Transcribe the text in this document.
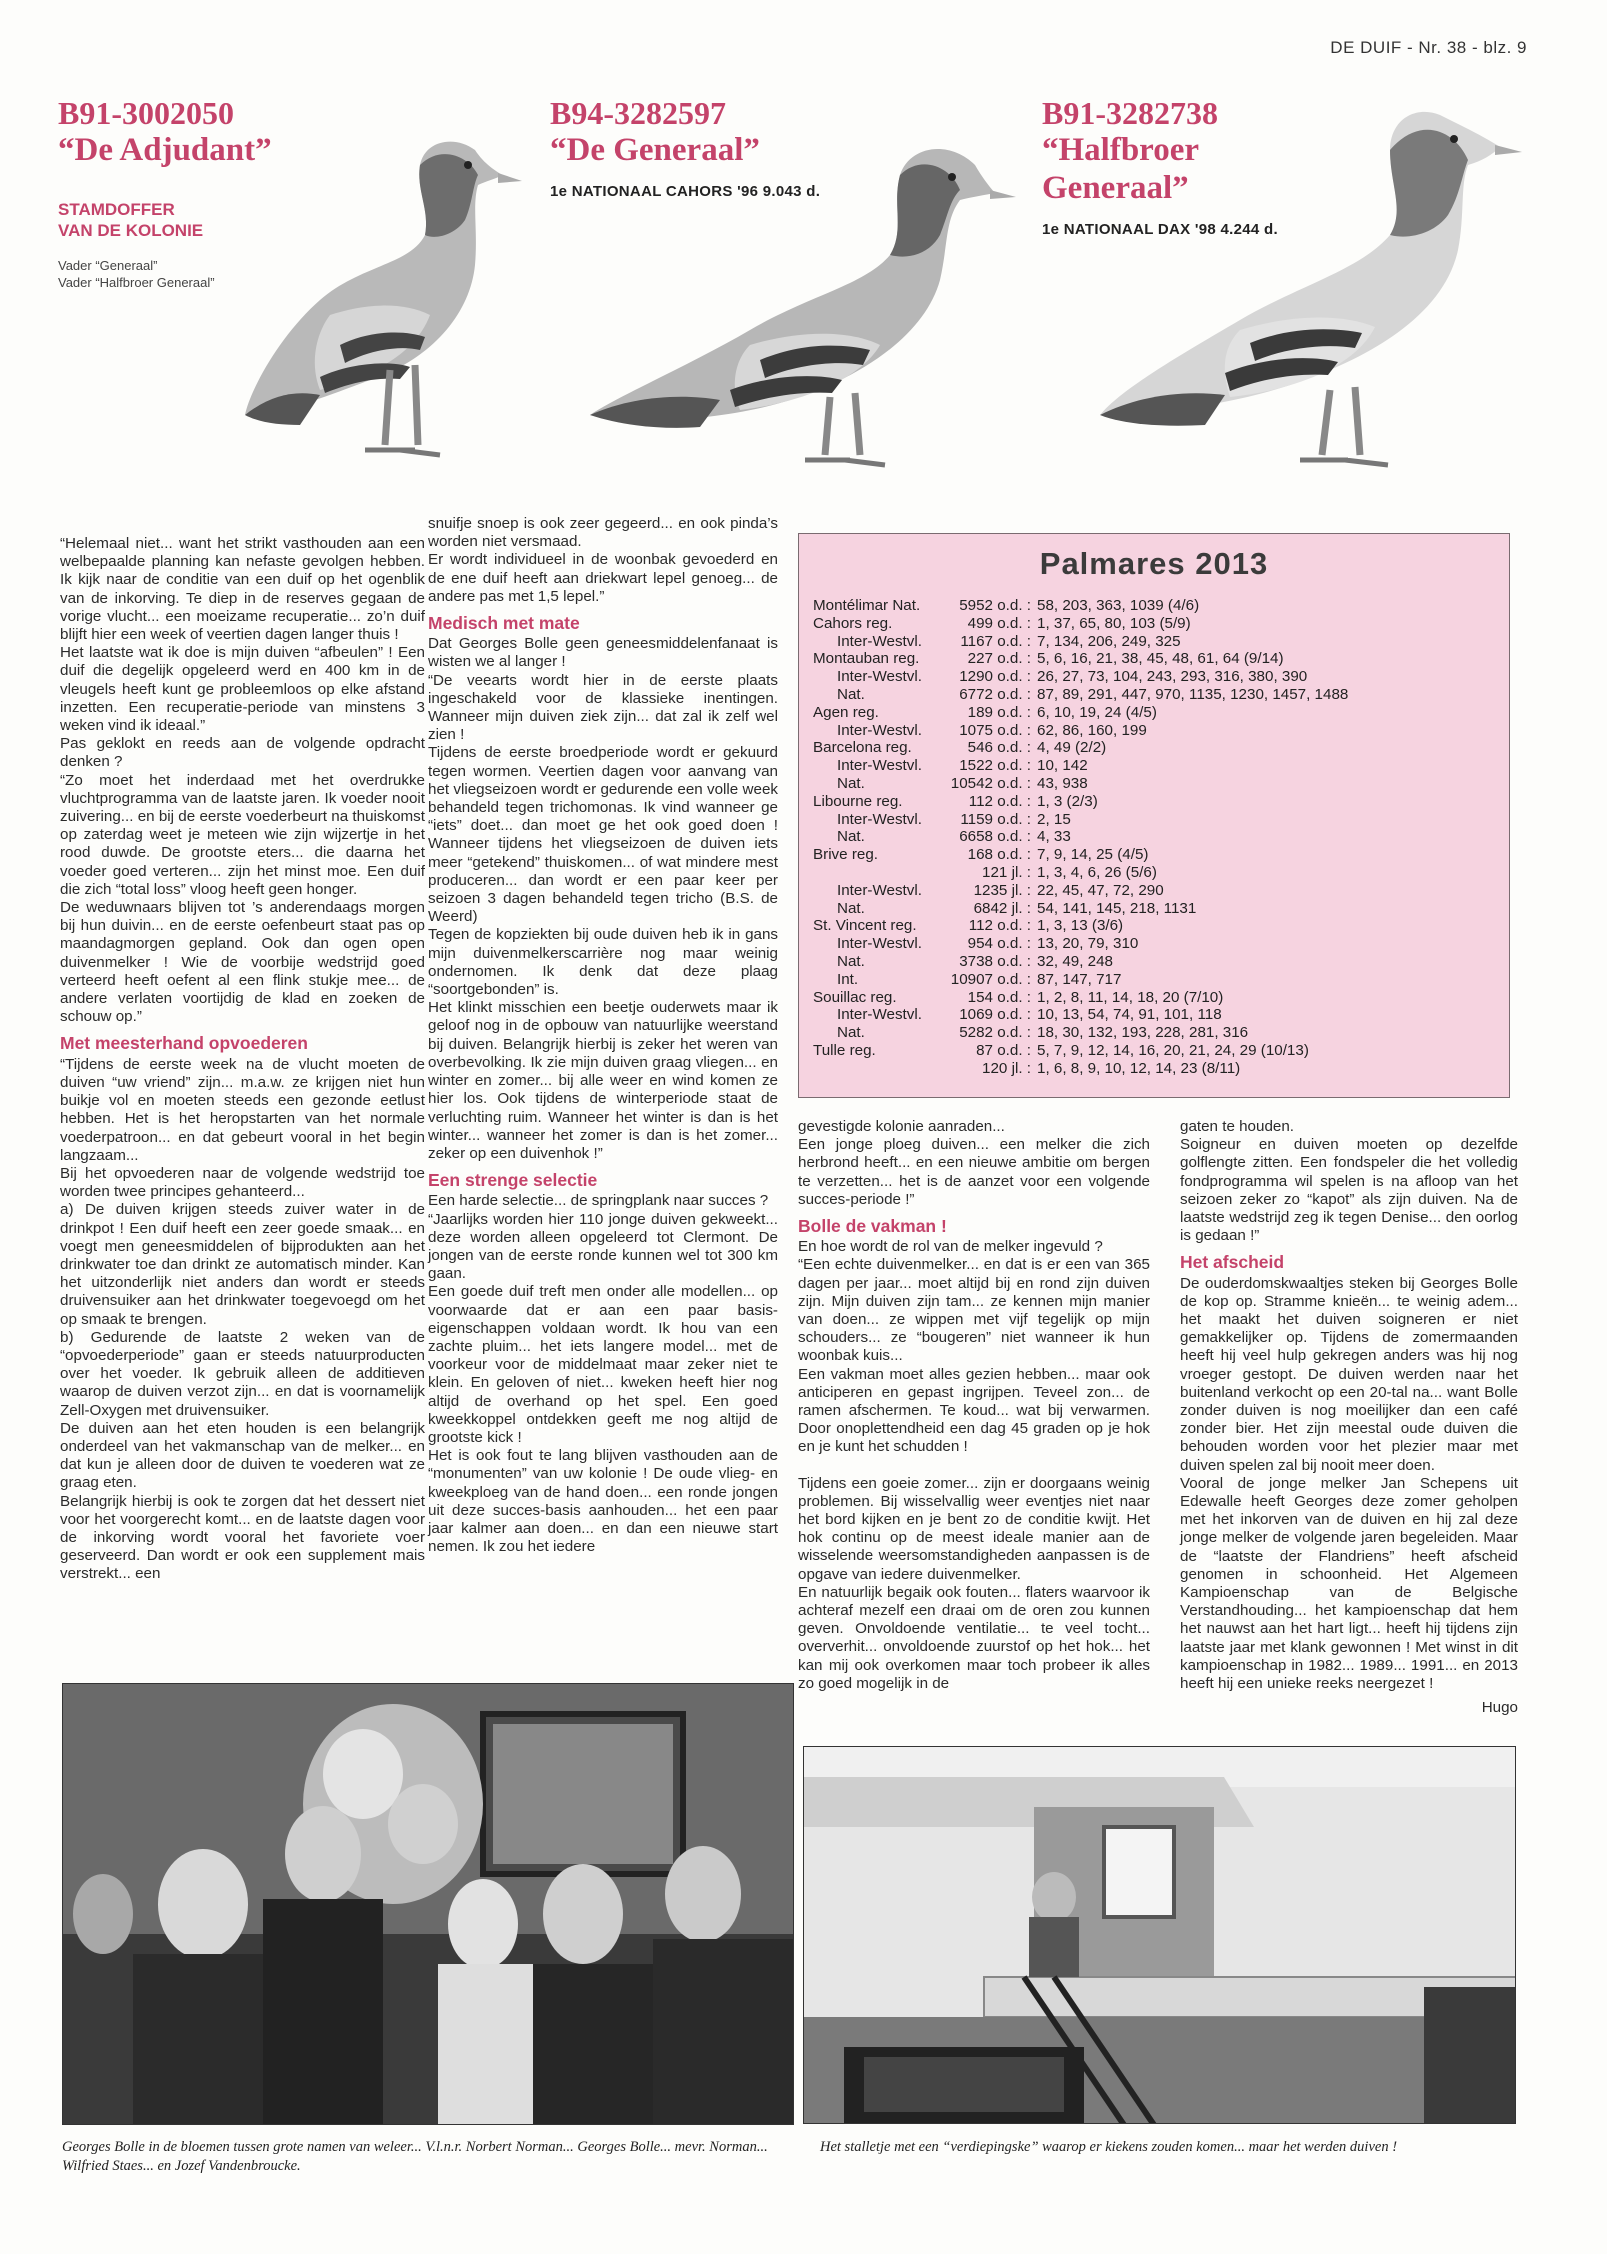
DE DUIF - Nr. 38 - blz. 9
B91-3002050
“De Adjudant”
STAMDOFFER
VAN DE KOLONIE
Vader “Generaal”
Vader “Halfbroer Generaal”
B94-3282597
“De Generaal”
1e NATIONAAL CAHORS '96 9.043 d.
B91-3282738
“Halfbroer
Generaal”
1e NATIONAAL DAX '98 4.244 d.

“Helemaal niet... want het strikt vasthouden aan een welbepaalde planning kan nefaste gevolgen hebben. Ik kijk naar de conditie van een duif op het ogenblik van de inkorving. Te diep in de reserves gegaan de vorige vlucht... een moeizame recuperatie... zo’n duif blijft hier een week of veertien dagen langer thuis !

Het laatste wat ik doe is mijn duiven “afbeulen” ! Een duif die degelijk opgeleerd werd en 400 km in de vleugels heeft kunt ge probleemloos op elke afstand inzetten. Een recuperatie-periode van minstens 3 weken vind ik ideaal.”

Pas geklokt en reeds aan de volgende opdracht denken ?

“Zo moet het inderdaad met het overdrukke vluchtprogramma van de laatste jaren. Ik voeder nooit zuivering... en bij de eerste voederbeurt na thuiskomst op zaterdag weet je meteen wie zijn wijzertje in het rood duwde. De grootste eters... die daarna het voeder goed verteren... zijn het minst moe. Een duif die zich “total loss” vloog heeft geen honger.

De weduwnaars blijven tot ’s anderendaags morgen bij hun duivin... en de eerste oefenbeurt staat pas op maandagmorgen gepland. Ook dan ogen open duivenmelker ! Wie de voorbije wedstrijd goed verteerd heeft oefent al een flink stukje mee... de andere verlaten voortijdig de klad en zoeken de schouw op.”

Met meesterhand opvoederen

“Tijdens de eerste week na de vlucht moeten de duiven “uw vriend” zijn... m.a.w. ze krijgen niet hun buikje vol en moeten steeds een gezonde eetlust hebben. Het is het heropstarten van het normale voederpatroon... en dat gebeurt vooral in het begin langzaam...

Bij het opvoederen naar de volgende wedstrijd toe worden twee principes gehanteerd...

a) De duiven krijgen steeds zuiver water in de drinkpot ! Een duif heeft een zeer goede smaak... en voegt men geneesmiddelen of bijprodukten aan het drinkwater toe dan drinkt ze automatisch minder. Kan het uitzonderlijk niet anders dan wordt er steeds druivensuiker aan het drinkwater toegevoegd om het op smaak te brengen.

b) Gedurende de laatste 2 weken van de “opvoederperiode” gaan er steeds natuurproducten over het voeder. Ik gebruik alleen de additieven waarop de duiven verzot zijn... en dat is voornamelijk Zell-Oxygen met druivensuiker.

De duiven aan het eten houden is een belangrijk onderdeel van het vakmanschap van de melker... en dat kun je alleen door de duiven te voederen wat ze graag eten.

Belangrijk hierbij is ook te zorgen dat het dessert niet voor het voorgerecht komt... en de laatste dagen voor de inkorving wordt vooral het favoriete voer geserveerd. Dan wordt er ook een supplement mais verstrekt... een

snuifje snoep is ook zeer gegeerd... en ook pinda’s worden niet versmaad.

Er wordt individueel in de woonbak gevoederd en de ene duif heeft aan driekwart lepel genoeg... de andere pas met 1,5 lepel.”

Medisch met mate

Dat Georges Bolle geen geneesmiddelenfanaat is wisten we al langer !

“De veearts wordt hier in de eerste plaats ingeschakeld voor de klassieke inentingen. Wanneer mijn duiven ziek zijn... dat zal ik zelf wel zien !

Tijdens de eerste broedperiode wordt er gekuurd tegen wormen. Veertien dagen voor aanvang van het vliegseizoen wordt er gedurende een volle week behandeld tegen trichomonas. Ik vind wanneer ge “iets” doet... dan moet ge het ook goed doen ! Wanneer tijdens het vliegseizoen de duiven iets meer “getekend” thuiskomen... of wat mindere mest produceren... dan wordt er een paar keer per seizoen 3 dagen behandeld tegen tricho (B.S. de Weerd)

Tegen de kopziekten bij oude duiven heb ik in gans mijn duivenmelkerscarrière nog maar weinig ondernomen. Ik denk dat deze plaag “soortgebonden” is.

Het klinkt misschien een beetje ouderwets maar ik geloof nog in de opbouw van natuurlijke weerstand bij duiven. Belangrijk hierbij is zeker het weren van overbevolking. Ik zie mijn duiven graag vliegen... en winter en zomer... bij alle weer en wind komen ze hier los. Ook tijdens de winterperiode staat de verluchting ruim. Wanneer het winter is dan is het winter... wanneer het zomer is dan is het zomer... zeker op een duivenhok !”

Een strenge selectie

Een harde selectie... de springplank naar succes ?

“Jaarlijks worden hier 110 jonge duiven gekweekt... deze worden alleen opgeleerd tot Clermont. De jongen van de eerste ronde kunnen wel tot 300 km gaan.

Een goede duif treft men onder alle modellen... op voorwaarde dat er aan een paar basis-eigenschappen voldaan wordt. Ik hou van een zachte pluim... het iets langere model... met de voorkeur voor de middelmaat maar zeker niet te klein. En geloven of niet... kweken heeft hier nog altijd de overhand op het spel. Een goed kweekkoppel ontdekken geeft me nog altijd de grootste kick !

Het is ook fout te lang blijven vasthouden aan de “monumenten” van uw kolonie ! De oude vlieg- en kweekploeg van de hand doen... een ronde jongen uit deze succes-basis aanhouden... het een paar jaar kalmer aan doen... en dan een nieuwe start nemen. Ik zou het iedere

Palmares 2013
Montélimar Nat.	5952 o.d. :	58, 203, 363, 1039 (4/6)
Cahors reg.	499 o.d. :	1, 37, 65, 80, 103 (5/9)
Inter-Westvl.	1167 o.d. :	7, 134, 206, 249, 325
Montauban reg.	227 o.d. :	5, 6, 16, 21, 38, 45, 48, 61, 64 (9/14)
Inter-Westvl.	1290 o.d. :	26, 27, 73, 104, 243, 293, 316, 380, 390
Nat.	6772 o.d. :	87, 89, 291, 447, 970, 1135, 1230, 1457, 1488
Agen reg.	189 o.d. :	6, 10, 19, 24 (4/5)
Inter-Westvl.	1075 o.d. :	62, 86, 160, 199
Barcelona reg.	546 o.d. :	4, 49 (2/2)
Inter-Westvl.	1522 o.d. :	10, 142
Nat.	10542 o.d. :	43, 938
Libourne reg.	112 o.d. :	1, 3 (2/3)
Inter-Westvl.	1159 o.d. :	2, 15
Nat.	6658 o.d. :	4, 33
Brive reg.	168 o.d. :	7, 9, 14, 25 (4/5)
	121 jl. :	1, 3, 4, 6, 26 (5/6)
Inter-Westvl.	1235 jl. :	22, 45, 47, 72, 290
Nat.	6842 jl. :	54, 141, 145, 218, 1131
St. Vincent reg.	112 o.d. :	1, 3, 13 (3/6)
Inter-Westvl.	954 o.d. :	13, 20, 79, 310
Nat.	3738 o.d. :	32, 49, 248
Int.	10907 o.d. :	87, 147, 717
Souillac reg.	154 o.d. :	1, 2, 8, 11, 14, 18, 20 (7/10)
Inter-Westvl.	1069 o.d. :	10, 13, 54, 74, 91, 101, 118
Nat.	5282 o.d. :	18, 30, 132, 193, 228, 281, 316
Tulle reg.	87 o.d. :	5, 7, 9, 12, 14, 16, 20, 21, 24, 29 (10/13)
	120 jl. :	1, 6, 8, 9, 10, 12, 14, 23 (8/11)

gevestigde kolonie aanraden...

Een jonge ploeg duiven... een melker die zich herbrond heeft... en een nieuwe ambitie om bergen te verzetten... het is de aanzet voor een volgende succes-periode !”

Bolle de vakman !

En hoe wordt de rol van de melker ingevuld ?

“Een echte duivenmelker... en dat is er een van 365 dagen per jaar... moet altijd bij en rond zijn duiven zijn. Mijn duiven zijn tam... ze kennen mijn manier van doen... ze wippen met vijf tegelijk op mijn schouders... ze “bougeren” niet wanneer ik hun woonbak kuis...

Een vakman moet alles gezien hebben... maar ook anticiperen en gepast ingrijpen. Teveel zon... de ramen afschermen. Te koud... wat bij verwarmen. Door onoplettendheid een dag 45 graden op je hok en je kunt het schudden !

Tijdens een goeie zomer... zijn er doorgaans weinig problemen. Bij wisselvallig weer eventjes niet naar het bord kijken en je bent zo de conditie kwijt. Het hok continu op de meest ideale manier aan de wisselende weersomstandigheden aanpassen is de opgave van iedere duivenmelker.

En natuurlijk begaik ook fouten... flaters waarvoor ik achteraf mezelf een draai om de oren zou kunnen geven. Onvoldoende ventilatie... te veel tocht... oververhit... onvoldoende zuurstof op het hok... het kan mij ook overkomen maar toch probeer ik alles zo goed mogelijk in de

gaten te houden.

Soigneur en duiven moeten op dezelfde golflengte zitten. Een fondspeler die het volledig fondprogramma wil spelen is na afloop van het seizoen zeker zo “kapot” als zijn duiven. Na de laatste wedstrijd zeg ik tegen Denise... den oorlog is gedaan !”

Het afscheid

De ouderdomskwaaltjes steken bij Georges Bolle de kop op. Stramme knieën... te weinig adem... het maakt het duiven soigneren er niet gemakkelijker op. Tijdens de zomermaanden heeft hij veel hulp gekregen anders was hij nog vroeger gestopt. De duiven werden naar het buitenland verkocht op een 20-tal na... want Bolle zonder duiven is nog moeilijker dan een café zonder bier. Het zijn meestal oude duiven die behouden worden voor het plezier maar met duiven spelen zal bij nooit meer doen.

Vooral de jonge melker Jan Schepens uit Edewalle heeft Georges deze zomer geholpen met het inkorven van de duiven en hij zal deze jonge melker de volgende jaren begeleiden. Maar de “laatste der Flandriens” heeft afscheid genomen in schoonheid. Het Algemeen Kampioenschap van de Belgische Verstandhouding... het kampioenschap dat hem het nauwst aan het hart ligt... heeft hij tijdens zijn laatste jaar met klank gewonnen ! Met winst in dit kampioenschap in 1982... 1989... 1991... en 2013 heeft hij een unieke reeks neergezet !

Hugo

Georges Bolle in de bloemen tussen grote namen van weleer... V.l.n.r. Norbert Norman... Georges Bolle... mevr. Norman... Wilfried Staes... en Jozef Vandenbroucke.
Het stalletje met een “verdiepingske” waarop er kiekens zouden komen... maar het werden duiven !
